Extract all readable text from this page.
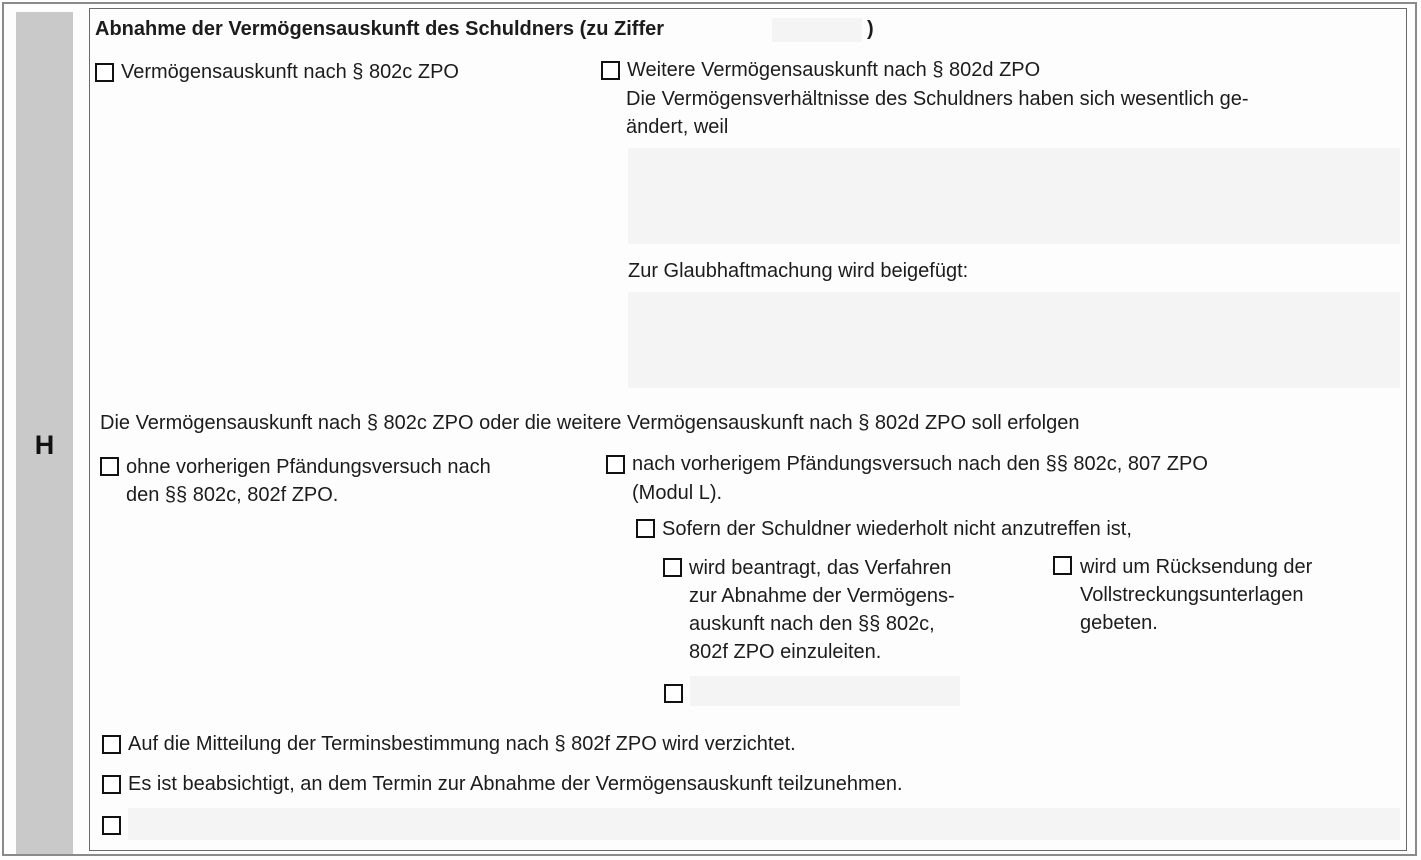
H
Abnahme der Vermögensauskunft des Schuldners (zu Ziffer	)
Vermögensauskunft nach § 802c ZPO	Weitere Vermögensauskunft nach § 802d ZPO
Die Vermögensverhältnisse des Schuldners haben sich wesentlich ge-
ändert, weil
Zur Glaubhaftmachung wird beigefügt:
Die Vermögensauskunft nach § 802c ZPO oder die weitere Vermögensauskunft nach § 802d ZPO soll erfolgen
ohne vorherigen Pfändungsversuch nach
den §§ 802c, 802f ZPO.
nach vorherigem Pfändungsversuch nach den §§ 802c, 807 ZPO
(Modul L).
Sofern der Schuldner wiederholt nicht anzutreffen ist,
wird beantragt, das Verfahren
zur Abnahme der Vermögens-
auskunft nach den §§ 802c,
802f ZPO einzuleiten.
wird um Rücksendung der
Vollstreckungsunterlagen
gebeten.
Auf die Mitteilung der Terminsbestimmung nach § 802f ZPO wird verzichtet.
Es ist beabsichtigt, an dem Termin zur Abnahme der Vermögensauskunft teilzunehmen.
